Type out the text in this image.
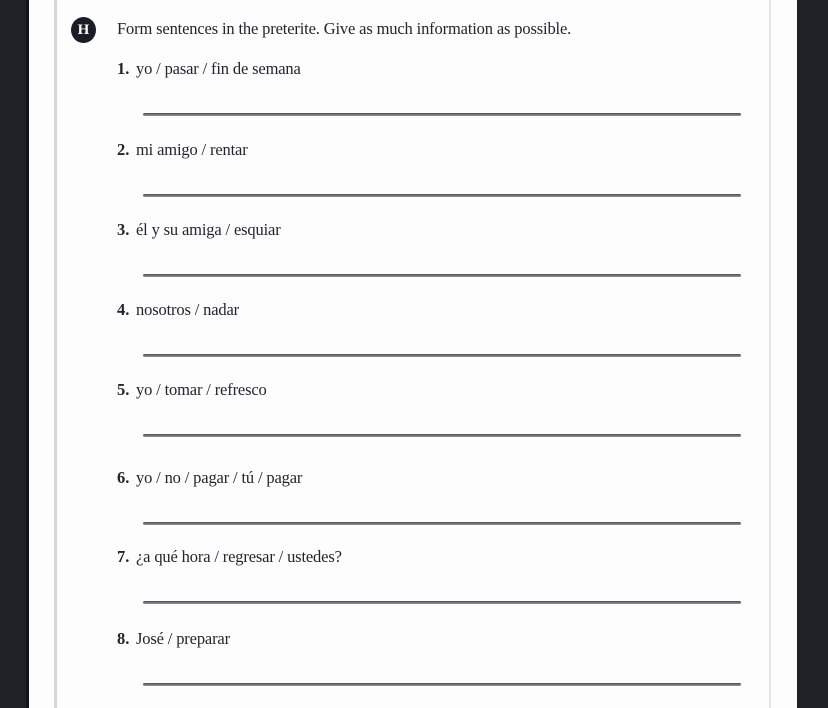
H	Form sentences in the preterite. Give as much information as possible.
1. yo / pasar / fin de semana
2. mi amigo / rentar
3. él y su amiga / esquiar
4. nosotros / nadar
5. yo / tomar / refresco
6. yo / no / pagar / tú / pagar
7. ¿a qué hora / regresar / ustedes?
8. José / preparar
